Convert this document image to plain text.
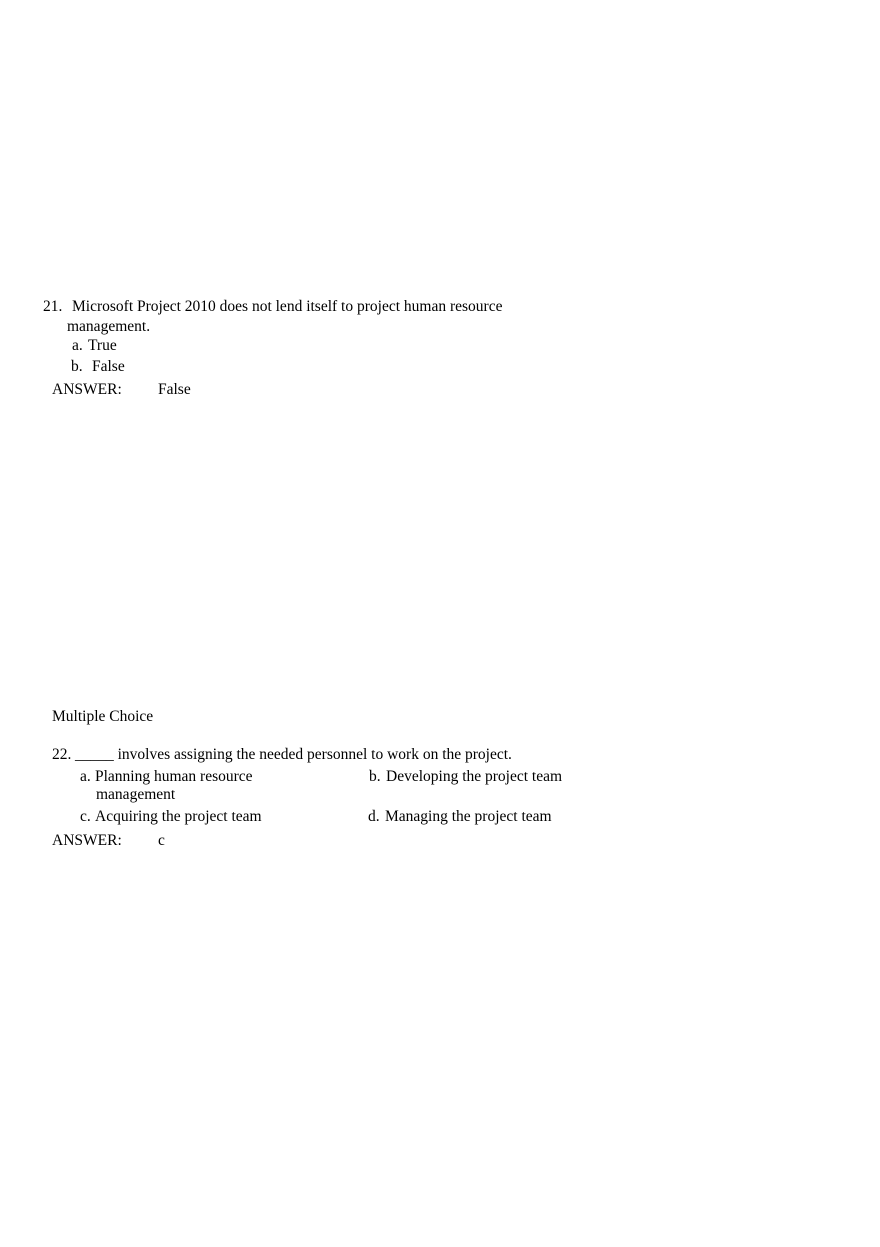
21. Microsoft Project 2010 does not lend itself to project human resource
management.
a. True
b. False
ANSWER: False
Multiple Choice
22. _____ involves assigning the needed personnel to work on the project.
a. Planning human resource
management
b. Developing the project team
c. Acquiring the project team	d. Managing the project team
ANSWER: c
